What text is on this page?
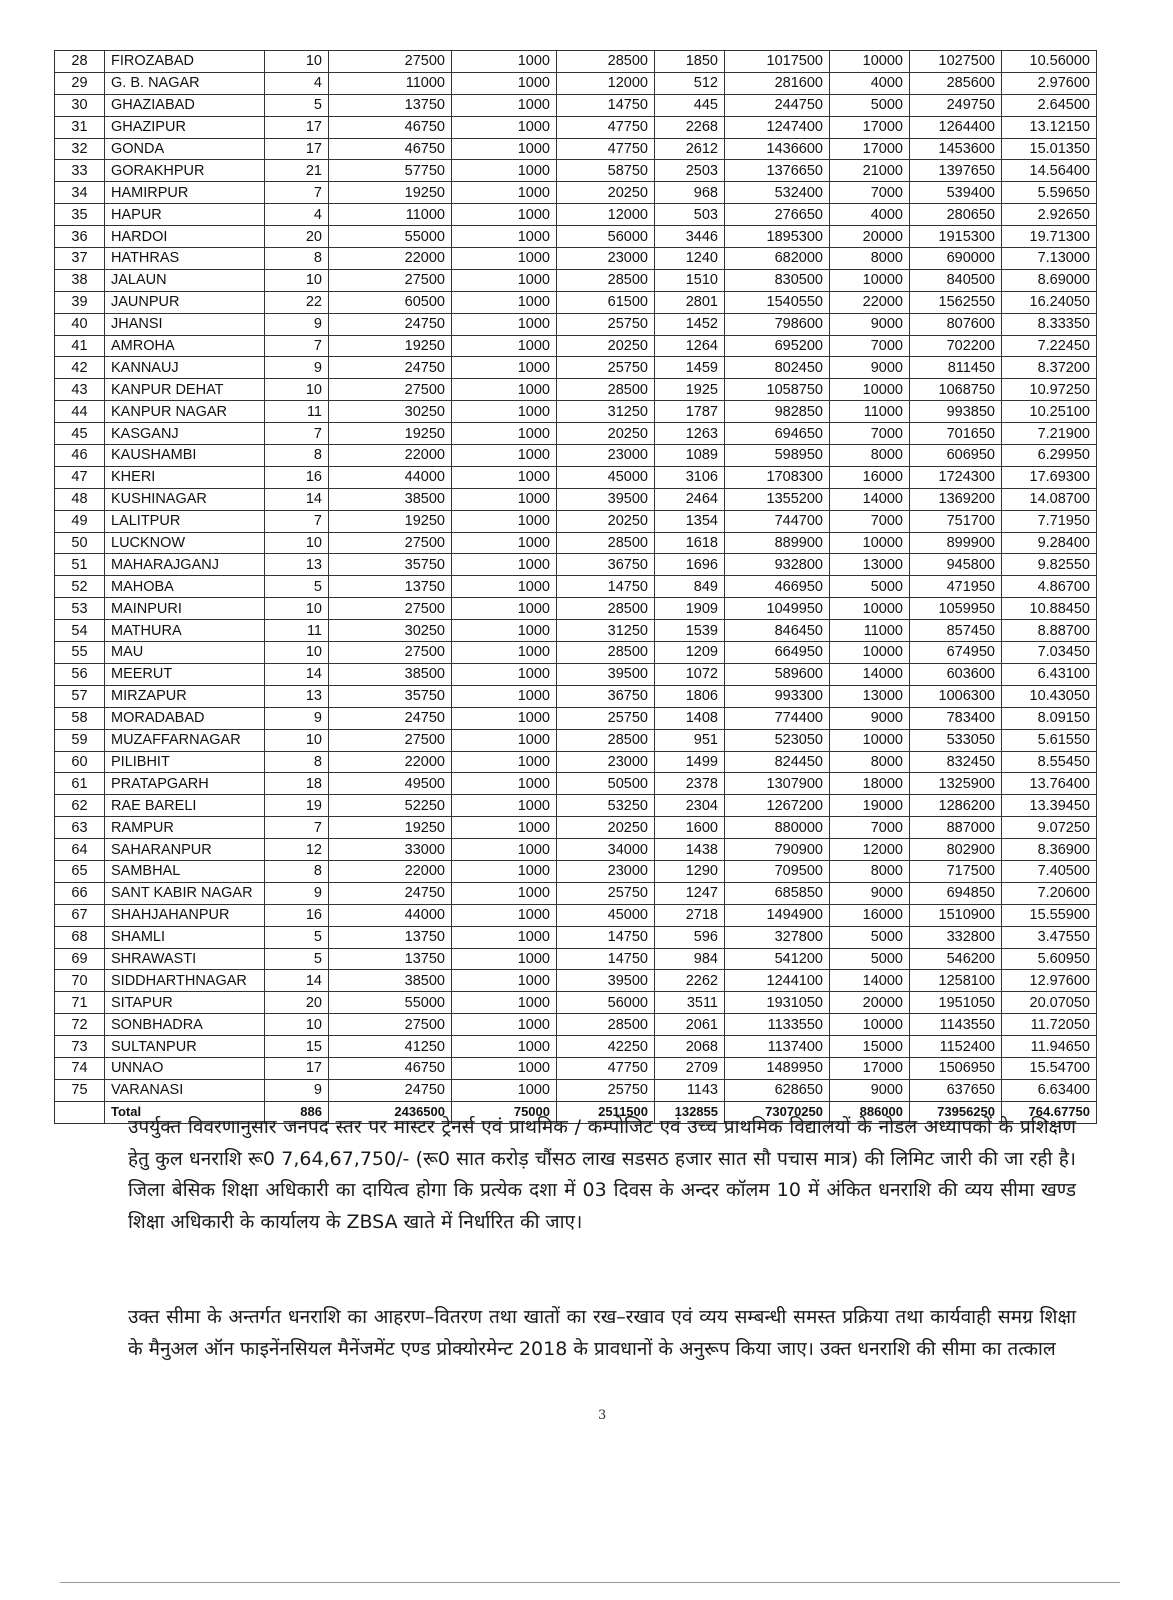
28	FIROZABAD	10	27500	1000	28500	1850	1017500	10000	1027500	10.56000
29	G. B. NAGAR	4	11000	1000	12000	512	281600	4000	285600	2.97600
30	GHAZIABAD	5	13750	1000	14750	445	244750	5000	249750	2.64500
31	GHAZIPUR	17	46750	1000	47750	2268	1247400	17000	1264400	13.12150
32	GONDA	17	46750	1000	47750	2612	1436600	17000	1453600	15.01350
33	GORAKHPUR	21	57750	1000	58750	2503	1376650	21000	1397650	14.56400
34	HAMIRPUR	7	19250	1000	20250	968	532400	7000	539400	5.59650
35	HAPUR	4	11000	1000	12000	503	276650	4000	280650	2.92650
36	HARDOI	20	55000	1000	56000	3446	1895300	20000	1915300	19.71300
37	HATHRAS	8	22000	1000	23000	1240	682000	8000	690000	7.13000
38	JALAUN	10	27500	1000	28500	1510	830500	10000	840500	8.69000
39	JAUNPUR	22	60500	1000	61500	2801	1540550	22000	1562550	16.24050
40	JHANSI	9	24750	1000	25750	1452	798600	9000	807600	8.33350
41	AMROHA	7	19250	1000	20250	1264	695200	7000	702200	7.22450
42	KANNAUJ	9	24750	1000	25750	1459	802450	9000	811450	8.37200
43	KANPUR DEHAT	10	27500	1000	28500	1925	1058750	10000	1068750	10.97250
44	KANPUR NAGAR	11	30250	1000	31250	1787	982850	11000	993850	10.25100
45	KASGANJ	7	19250	1000	20250	1263	694650	7000	701650	7.21900
46	KAUSHAMBI	8	22000	1000	23000	1089	598950	8000	606950	6.29950
47	KHERI	16	44000	1000	45000	3106	1708300	16000	1724300	17.69300
48	KUSHINAGAR	14	38500	1000	39500	2464	1355200	14000	1369200	14.08700
49	LALITPUR	7	19250	1000	20250	1354	744700	7000	751700	7.71950
50	LUCKNOW	10	27500	1000	28500	1618	889900	10000	899900	9.28400
51	MAHARAJGANJ	13	35750	1000	36750	1696	932800	13000	945800	9.82550
52	MAHOBA	5	13750	1000	14750	849	466950	5000	471950	4.86700
53	MAINPURI	10	27500	1000	28500	1909	1049950	10000	1059950	10.88450
54	MATHURA	11	30250	1000	31250	1539	846450	11000	857450	8.88700
55	MAU	10	27500	1000	28500	1209	664950	10000	674950	7.03450
56	MEERUT	14	38500	1000	39500	1072	589600	14000	603600	6.43100
57	MIRZAPUR	13	35750	1000	36750	1806	993300	13000	1006300	10.43050
58	MORADABAD	9	24750	1000	25750	1408	774400	9000	783400	8.09150
59	MUZAFFARNAGAR	10	27500	1000	28500	951	523050	10000	533050	5.61550
60	PILIBHIT	8	22000	1000	23000	1499	824450	8000	832450	8.55450
61	PRATAPGARH	18	49500	1000	50500	2378	1307900	18000	1325900	13.76400
62	RAE BARELI	19	52250	1000	53250	2304	1267200	19000	1286200	13.39450
63	RAMPUR	7	19250	1000	20250	1600	880000	7000	887000	9.07250
64	SAHARANPUR	12	33000	1000	34000	1438	790900	12000	802900	8.36900
65	SAMBHAL	8	22000	1000	23000	1290	709500	8000	717500	7.40500
66	SANT KABIR NAGAR	9	24750	1000	25750	1247	685850	9000	694850	7.20600
67	SHAHJAHANPUR	16	44000	1000	45000	2718	1494900	16000	1510900	15.55900
68	SHAMLI	5	13750	1000	14750	596	327800	5000	332800	3.47550
69	SHRAWASTI	5	13750	1000	14750	984	541200	5000	546200	5.60950
70	SIDDHARTHNAGAR	14	38500	1000	39500	2262	1244100	14000	1258100	12.97600
71	SITAPUR	20	55000	1000	56000	3511	1931050	20000	1951050	20.07050
72	SONBHADRA	10	27500	1000	28500	2061	1133550	10000	1143550	11.72050
73	SULTANPUR	15	41250	1000	42250	2068	1137400	15000	1152400	11.94650
74	UNNAO	17	46750	1000	47750	2709	1489950	17000	1506950	15.54700
75	VARANASI	9	24750	1000	25750	1143	628650	9000	637650	6.63400
	Total	886	2436500	75000	2511500	132855	73070250	886000	73956250	764.67750
उपर्युक्त विवरणानुसार जनपद स्तर पर मास्टर ट्रेनर्स एवं प्राथमिक / कम्पोजिट एवं उच्च प्राथमिक विद्यालयों के नोडल अध्यापकों के प्रशिक्षण हेतु कुल धनराशि रू0 7,64,67,750/- (रू0 सात करोड़ चौंसठ लाख सडसठ हजार सात सौ पचास मात्र) की लिमिट जारी की जा रही है। जिला बेसिक शिक्षा अधिकारी का दायित्व होगा कि प्रत्येक दशा में 03 दिवस के अन्दर कॉलम 10 में अंकित धनराशि की व्यय सीमा खण्ड शिक्षा अधिकारी के कार्यालय के ZBSA खाते में निर्धारित की जाए।
उक्त सीमा के अन्तर्गत धनराशि का आहरण–वितरण तथा खातों का रख–रखाव एवं व्यय सम्बन्धी समस्त प्रक्रिया तथा कार्यवाही समग्र शिक्षा के मैनुअल ऑन फाइनेंनसियल मैनेंजमेंट एण्ड प्रोक्योरमेन्ट 2018 के प्रावधानों के अनुरूप किया जाए। उक्त धनराशि की सीमा का तत्काल
3
